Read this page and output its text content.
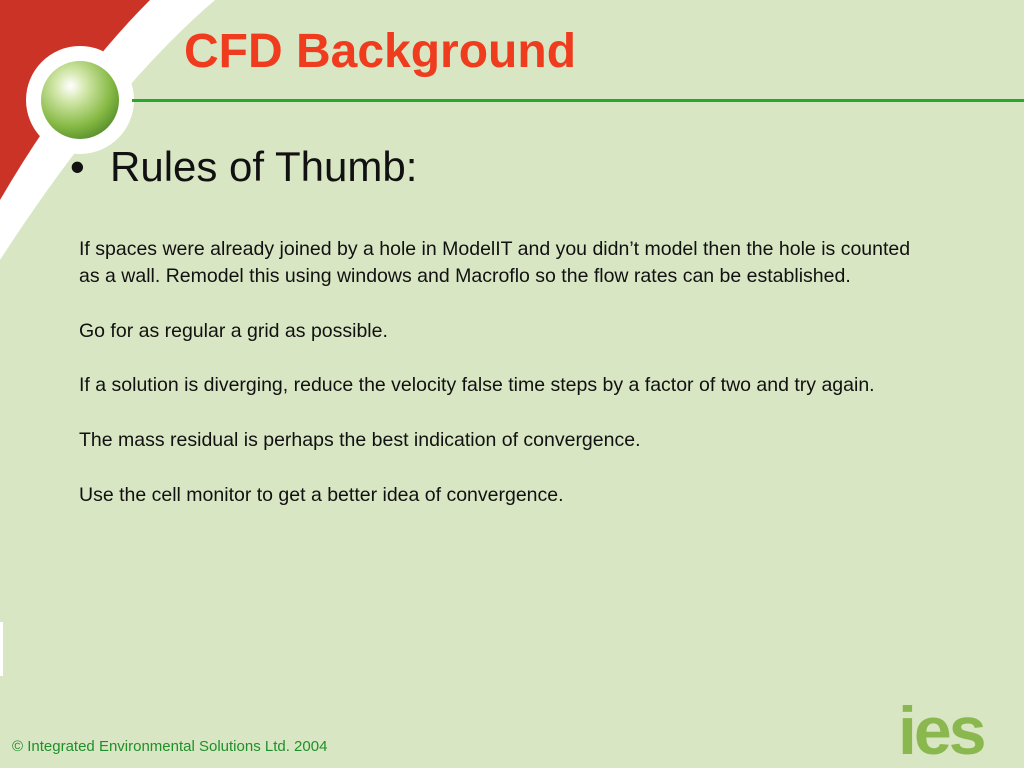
CFD Background
• Rules of Thumb:

If spaces were already joined by a hole in ModelIT and you didn’t model then the hole is counted as a wall. Remodel this using windows and Macroflo so the flow rates can be established.

Go for as regular a grid as possible.

If a solution is diverging, reduce the velocity false time steps by a factor of two and try again.

The mass residual is perhaps the best indication of convergence.

Use the cell monitor to get a better idea of convergence.

© Integrated Environmental Solutions Ltd. 2004	ies
